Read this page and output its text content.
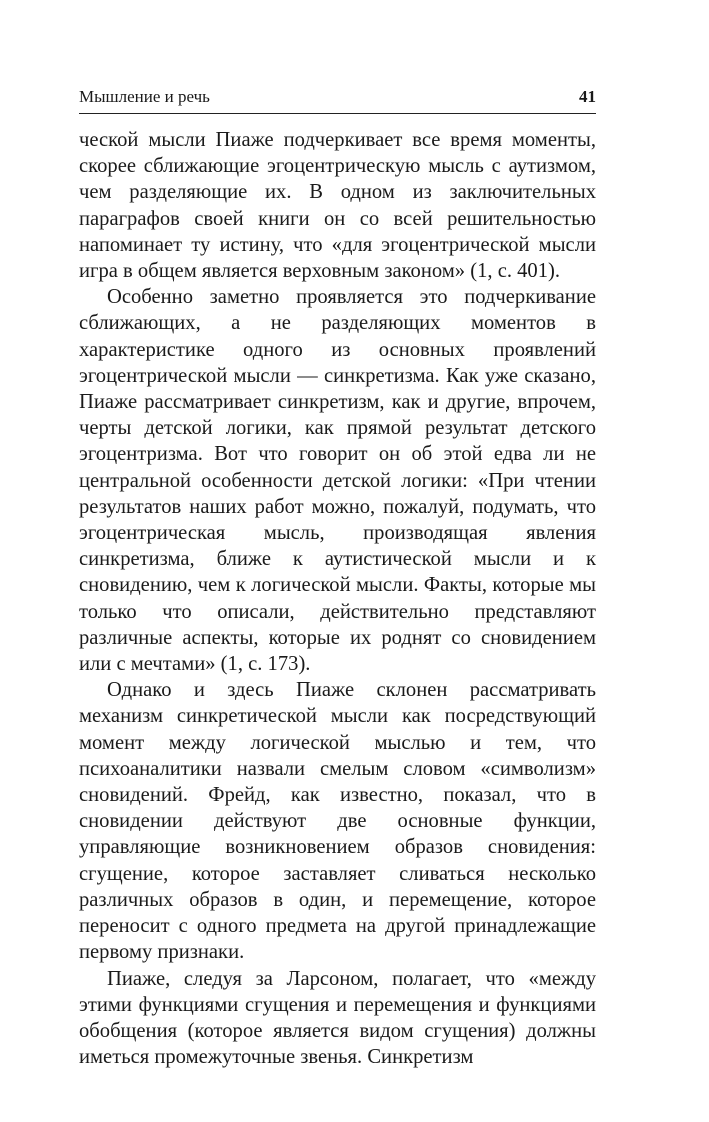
Мышление и речь	41

ческой мысли Пиаже подчеркивает все время моменты, скорее сближающие эгоцентрическую мысль с аутизмом, чем разделяющие их. В одном из заключительных параграфов своей книги он со всей решительностью напоминает ту истину, что «для эгоцентрической мысли игра в общем является верховным законом» (1, с. 401).

Особенно заметно проявляется это подчеркивание сближающих, а не разделяющих моментов в характеристике одного из основных проявлений эгоцентрической мысли — синкретизма. Как уже сказано, Пиаже рассматривает синкретизм, как и другие, впрочем, черты детской логики, как прямой результат детского эгоцентризма. Вот что говорит он об этой едва ли не центральной особенности детской логики: «При чтении результатов наших работ можно, пожалуй, подумать, что эгоцентрическая мысль, производящая явления синкретизма, ближе к аутистической мысли и к сновидению, чем к логической мысли. Факты, которые мы только что описали, действительно представляют различные аспекты, которые их роднят со сновидением или с мечтами» (1, с. 173).

Однако и здесь Пиаже склонен рассматривать механизм синкретической мысли как посредствующий момент между логической мыслью и тем, что психоаналитики назвали смелым словом «символизм» сновидений. Фрейд, как известно, показал, что в сновидении действуют две основные функции, управляющие возникновением образов сновидения: сгущение, которое заставляет сливаться несколько различных образов в один, и перемещение, которое переносит с одного предмета на другой принадлежащие первому признаки.

Пиаже, следуя за Ларсоном, полагает, что «между этими функциями сгущения и перемещения и функциями обобщения (которое является видом сгущения) должны иметься промежуточные звенья. Синкретизм
